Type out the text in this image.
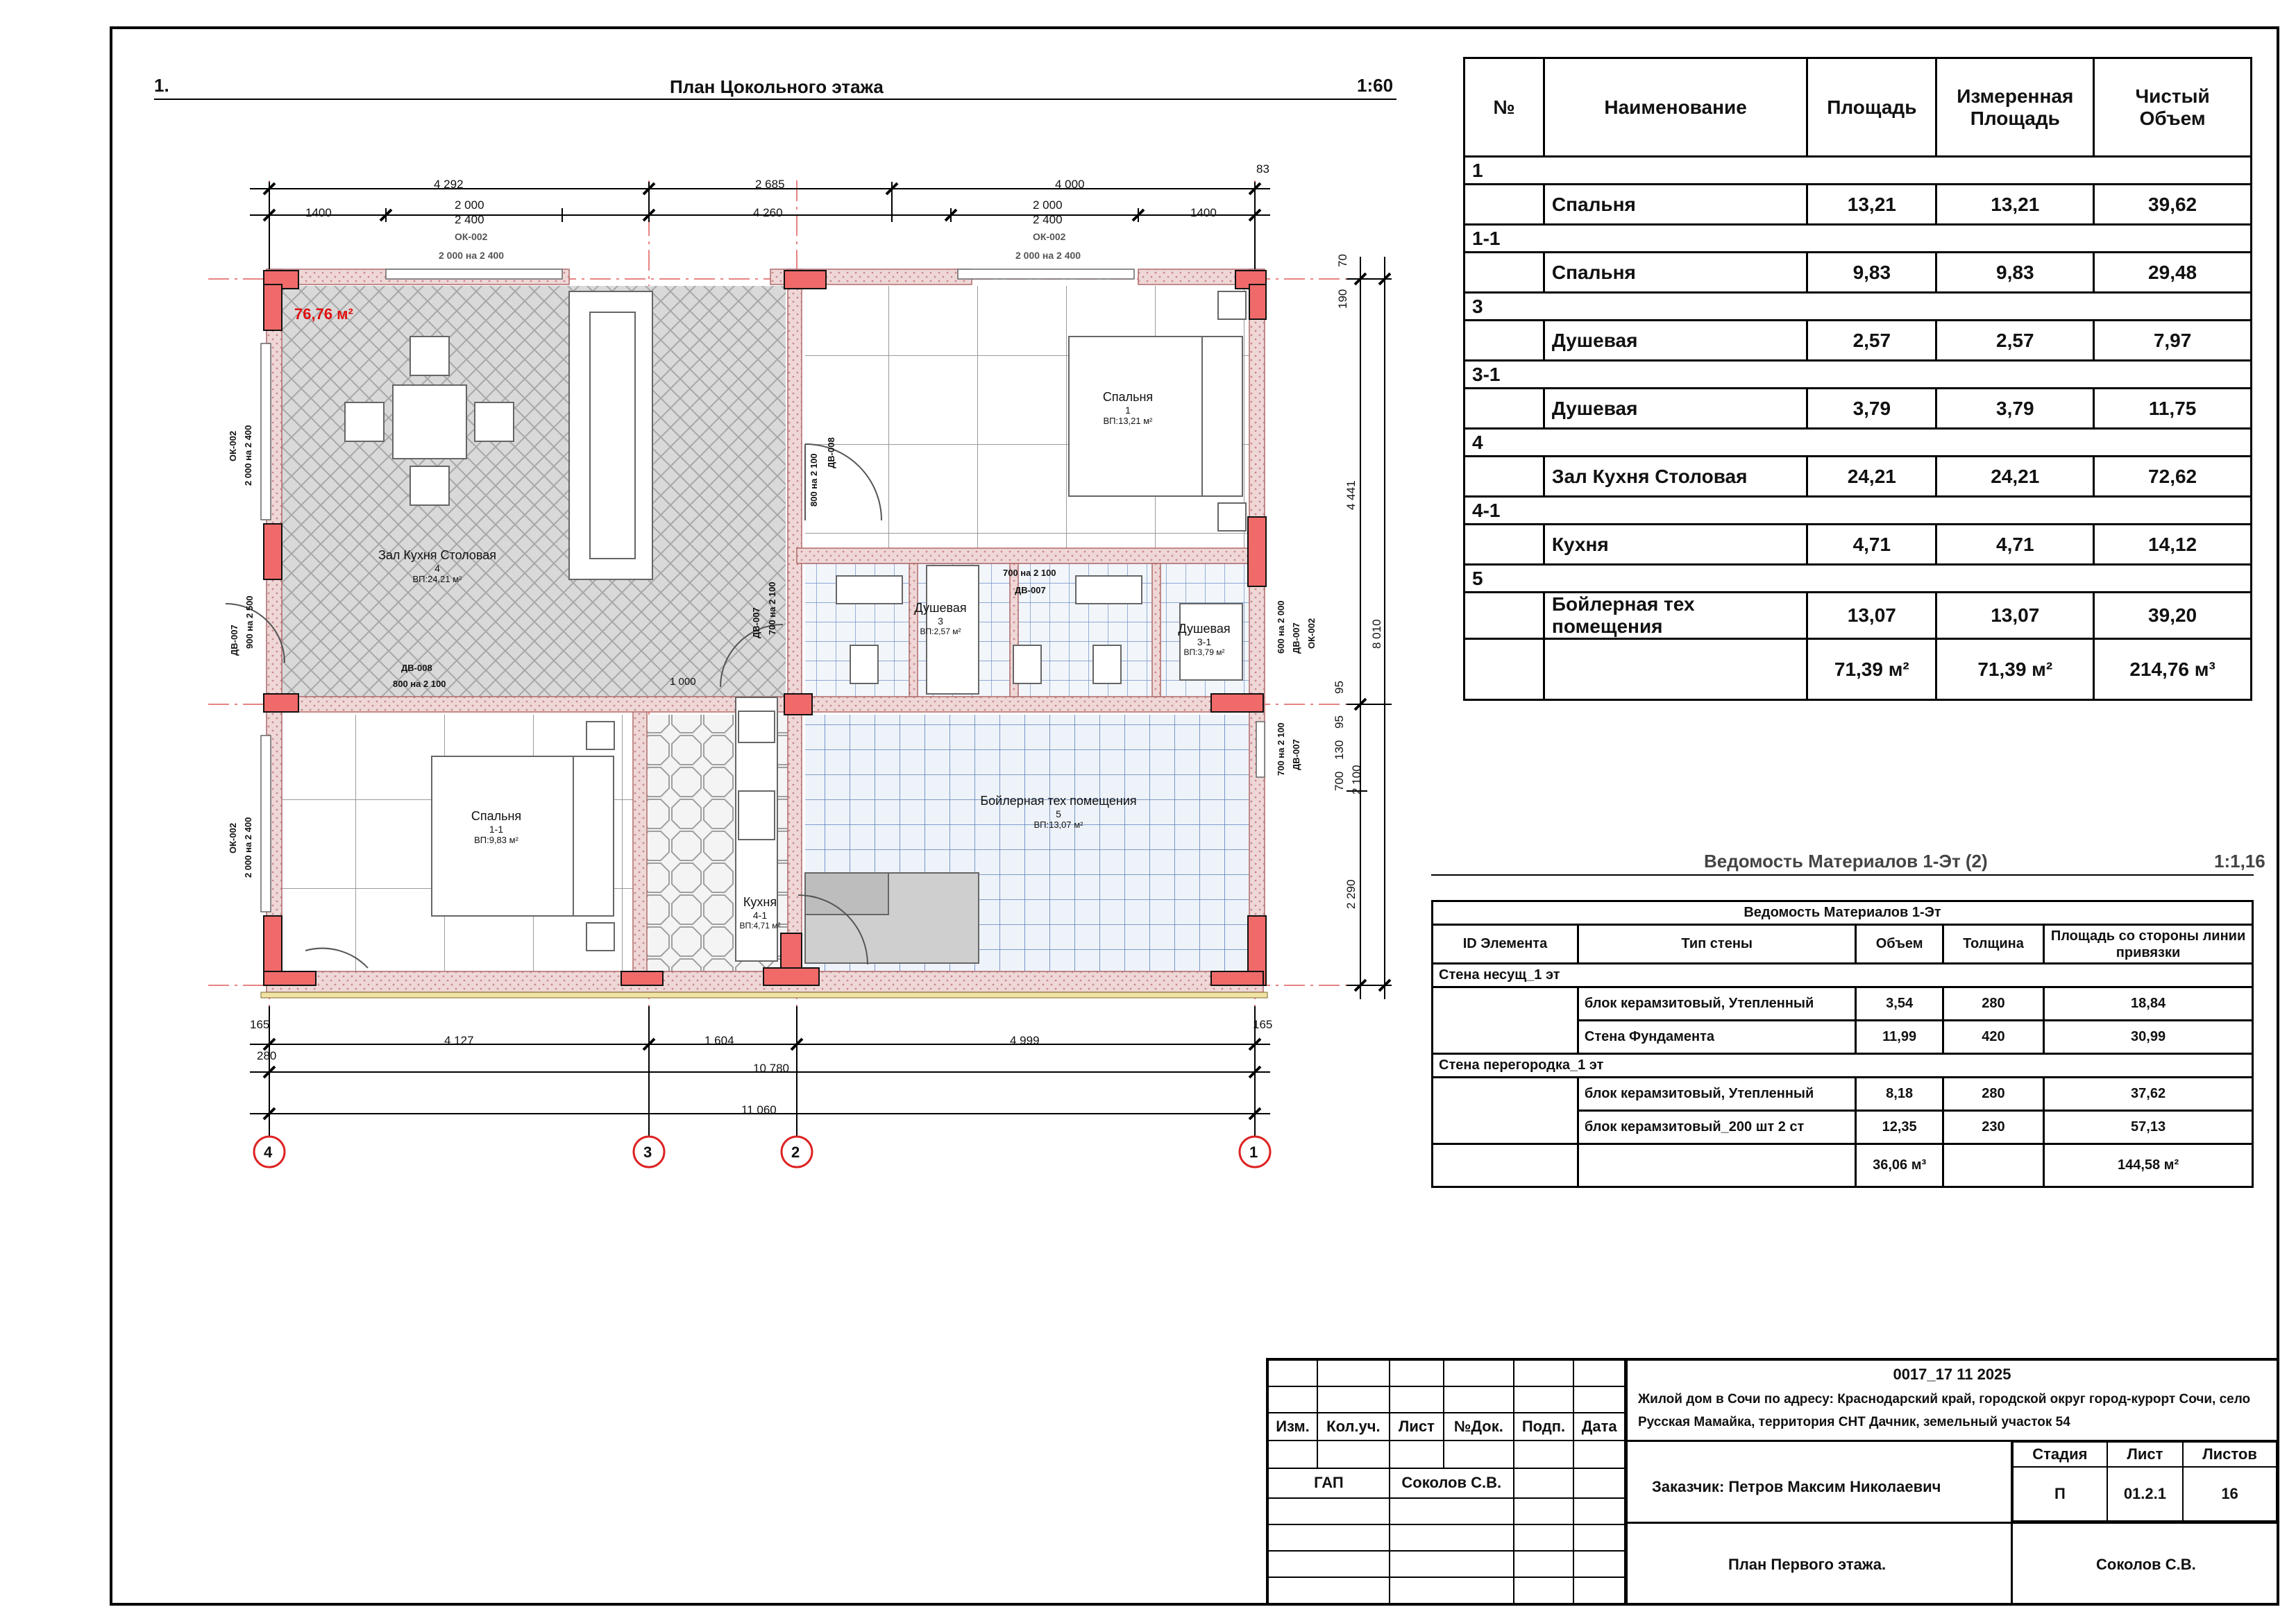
1.	План Цокольного этажа	1:60
76,76 м²
4 292	2 685	4 000
83
1400
2 000
2 400
4 260
2 000
2 400
1400
ОК-002
2 000 на 2 400
ОК-002
2 000 на 2 400
Спальня
1
ВП:13,21 м²
Зал Кухня Столовая
4
ВП:24,21 м²
Душевая
3
ВП:2,57 м²	Душевая
3-1
ВП:3,79 м²
Спальня
1-1
ВП:9,83 м²
Бойлерная тех помещения
5
ВП:13,07 м²
Кухня
4-1
ВП:4,71 м²
ДВ-008
800 на 2 100
ДВ-007
700 на 2 100
ДВ-007 900 на 2 500
ДВ-008
800 на 2 100
ДВ-007 700 на 2 100
ДВ-007
600 на 2 000
ДВ-007
700 на 2 100
ОК-002 2 000 на 2 400
ОК-002 2 000 на 2 400
ОК-002
1 000
190
70
4 441
8 010
95
95
130
700 2 100
2 290
165
4 127	1 604	4 999
165
280
10 780
11 060
4	3	2	1
№	Наименование	Площадь	Измеренная Площадь	Чистый Объем
1				
	Спальня	13,21	13,21	39,62
1-1				
	Спальня	9,83	9,83	29,48
3				
	Душевая	2,57	2,57	7,97
3-1				
	Душевая	3,79	3,79	11,75
4				
	Зал Кухня Столовая	24,21	24,21	72,62
4-1				
	Кухня	4,71	4,71	14,12
5				
	Бойлерная тех помещения	13,07	13,07	39,20
		71,39 м²	71,39 м²	214,76 м³
Ведомость Материалов 1-Эт (2)	1:1,16
Ведомость Материалов 1-Эт				
ID Элемента	Тип стены	Объем	Толщина	Площадь со стороны линии привязки
Стена несущ_1 эт				
	блок керамзитовый, Утепленный	3,54	280	18,84
	Стена Фундамента	11,99	420	30,99
Стена перегородка_1 эт				
	блок керамзитовый, Утепленный	8,18	280	37,62
	блок керамзитовый_200 шт 2 ст	12,35	230	57,13
		36,06 м³		144,58 м²

Изм.	Кол.уч.	Лист	№Док.	Подп.	Дата

ГАП		Соколов С.В.			

0017_17 11 2025
Жилой дом в Сочи по адресу: Краснодарский край, городской округ город-курорт Сочи, село Русская Мамайка, территория СНТ Дачник, земельный участок 54
Заказчик: Петров Максим Николаевич
План Первого этажа.
Стадия	Лист	Листов
П	01.2.1	16
Соколов С.В.
